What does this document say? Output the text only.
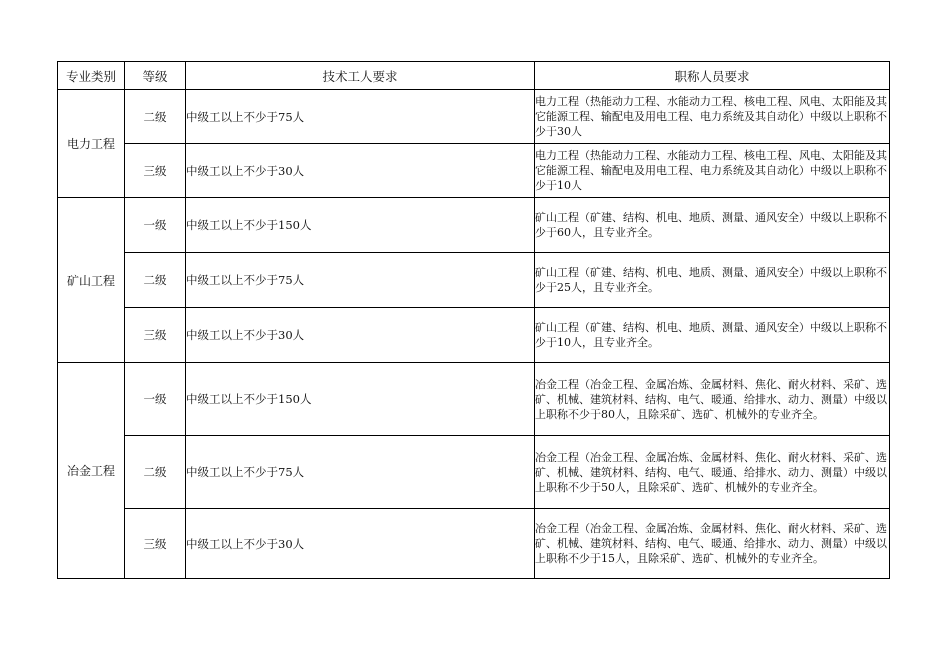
专业类别	等级	技术工人要求	职称人员要求
电力工程	二级	中级工以上不少于75人	电力工程（热能动力工程、水能动力工程、核电工程、风电、太阳能及其它能源工程、输配电及用电工程、电力系统及其自动化）中级以上职称不少于30人

	三级	中级工以上不少于30人	电力工程（热能动力工程、水能动力工程、核电工程、风电、太阳能及其它能源工程、输配电及用电工程、电力系统及其自动化）中级以上职称不少于10人

矿山工程	一级	中级工以上不少于150人	矿山工程（矿建、结构、机电、地质、测量、通风安全）中级以上职称不少于60人，且专业齐全。

	二级	中级工以上不少于75人	矿山工程（矿建、结构、机电、地质、测量、通风安全）中级以上职称不少于25人，且专业齐全。

	三级	中级工以上不少于30人	矿山工程（矿建、结构、机电、地质、测量、通风安全）中级以上职称不少于10人，且专业齐全。

冶金工程	一级	中级工以上不少于150人	冶金工程（冶金工程、金属冶炼、金属材料、焦化、耐火材料、采矿、选矿、机械、建筑材料、结构、电气、暖通、给排水、动力、测量）中级以上职称不少于80人，且除采矿、选矿、机械外的专业齐全。

	二级	中级工以上不少于75人	冶金工程（冶金工程、金属冶炼、金属材料、焦化、耐火材料、采矿、选矿、机械、建筑材料、结构、电气、暖通、给排水、动力、测量）中级以上职称不少于50人，且除采矿、选矿、机械外的专业齐全。

	三级	中级工以上不少于30人	冶金工程（冶金工程、金属冶炼、金属材料、焦化、耐火材料、采矿、选矿、机械、建筑材料、结构、电气、暖通、给排水、动力、测量）中级以上职称不少于15人，且除采矿、选矿、机械外的专业齐全。
